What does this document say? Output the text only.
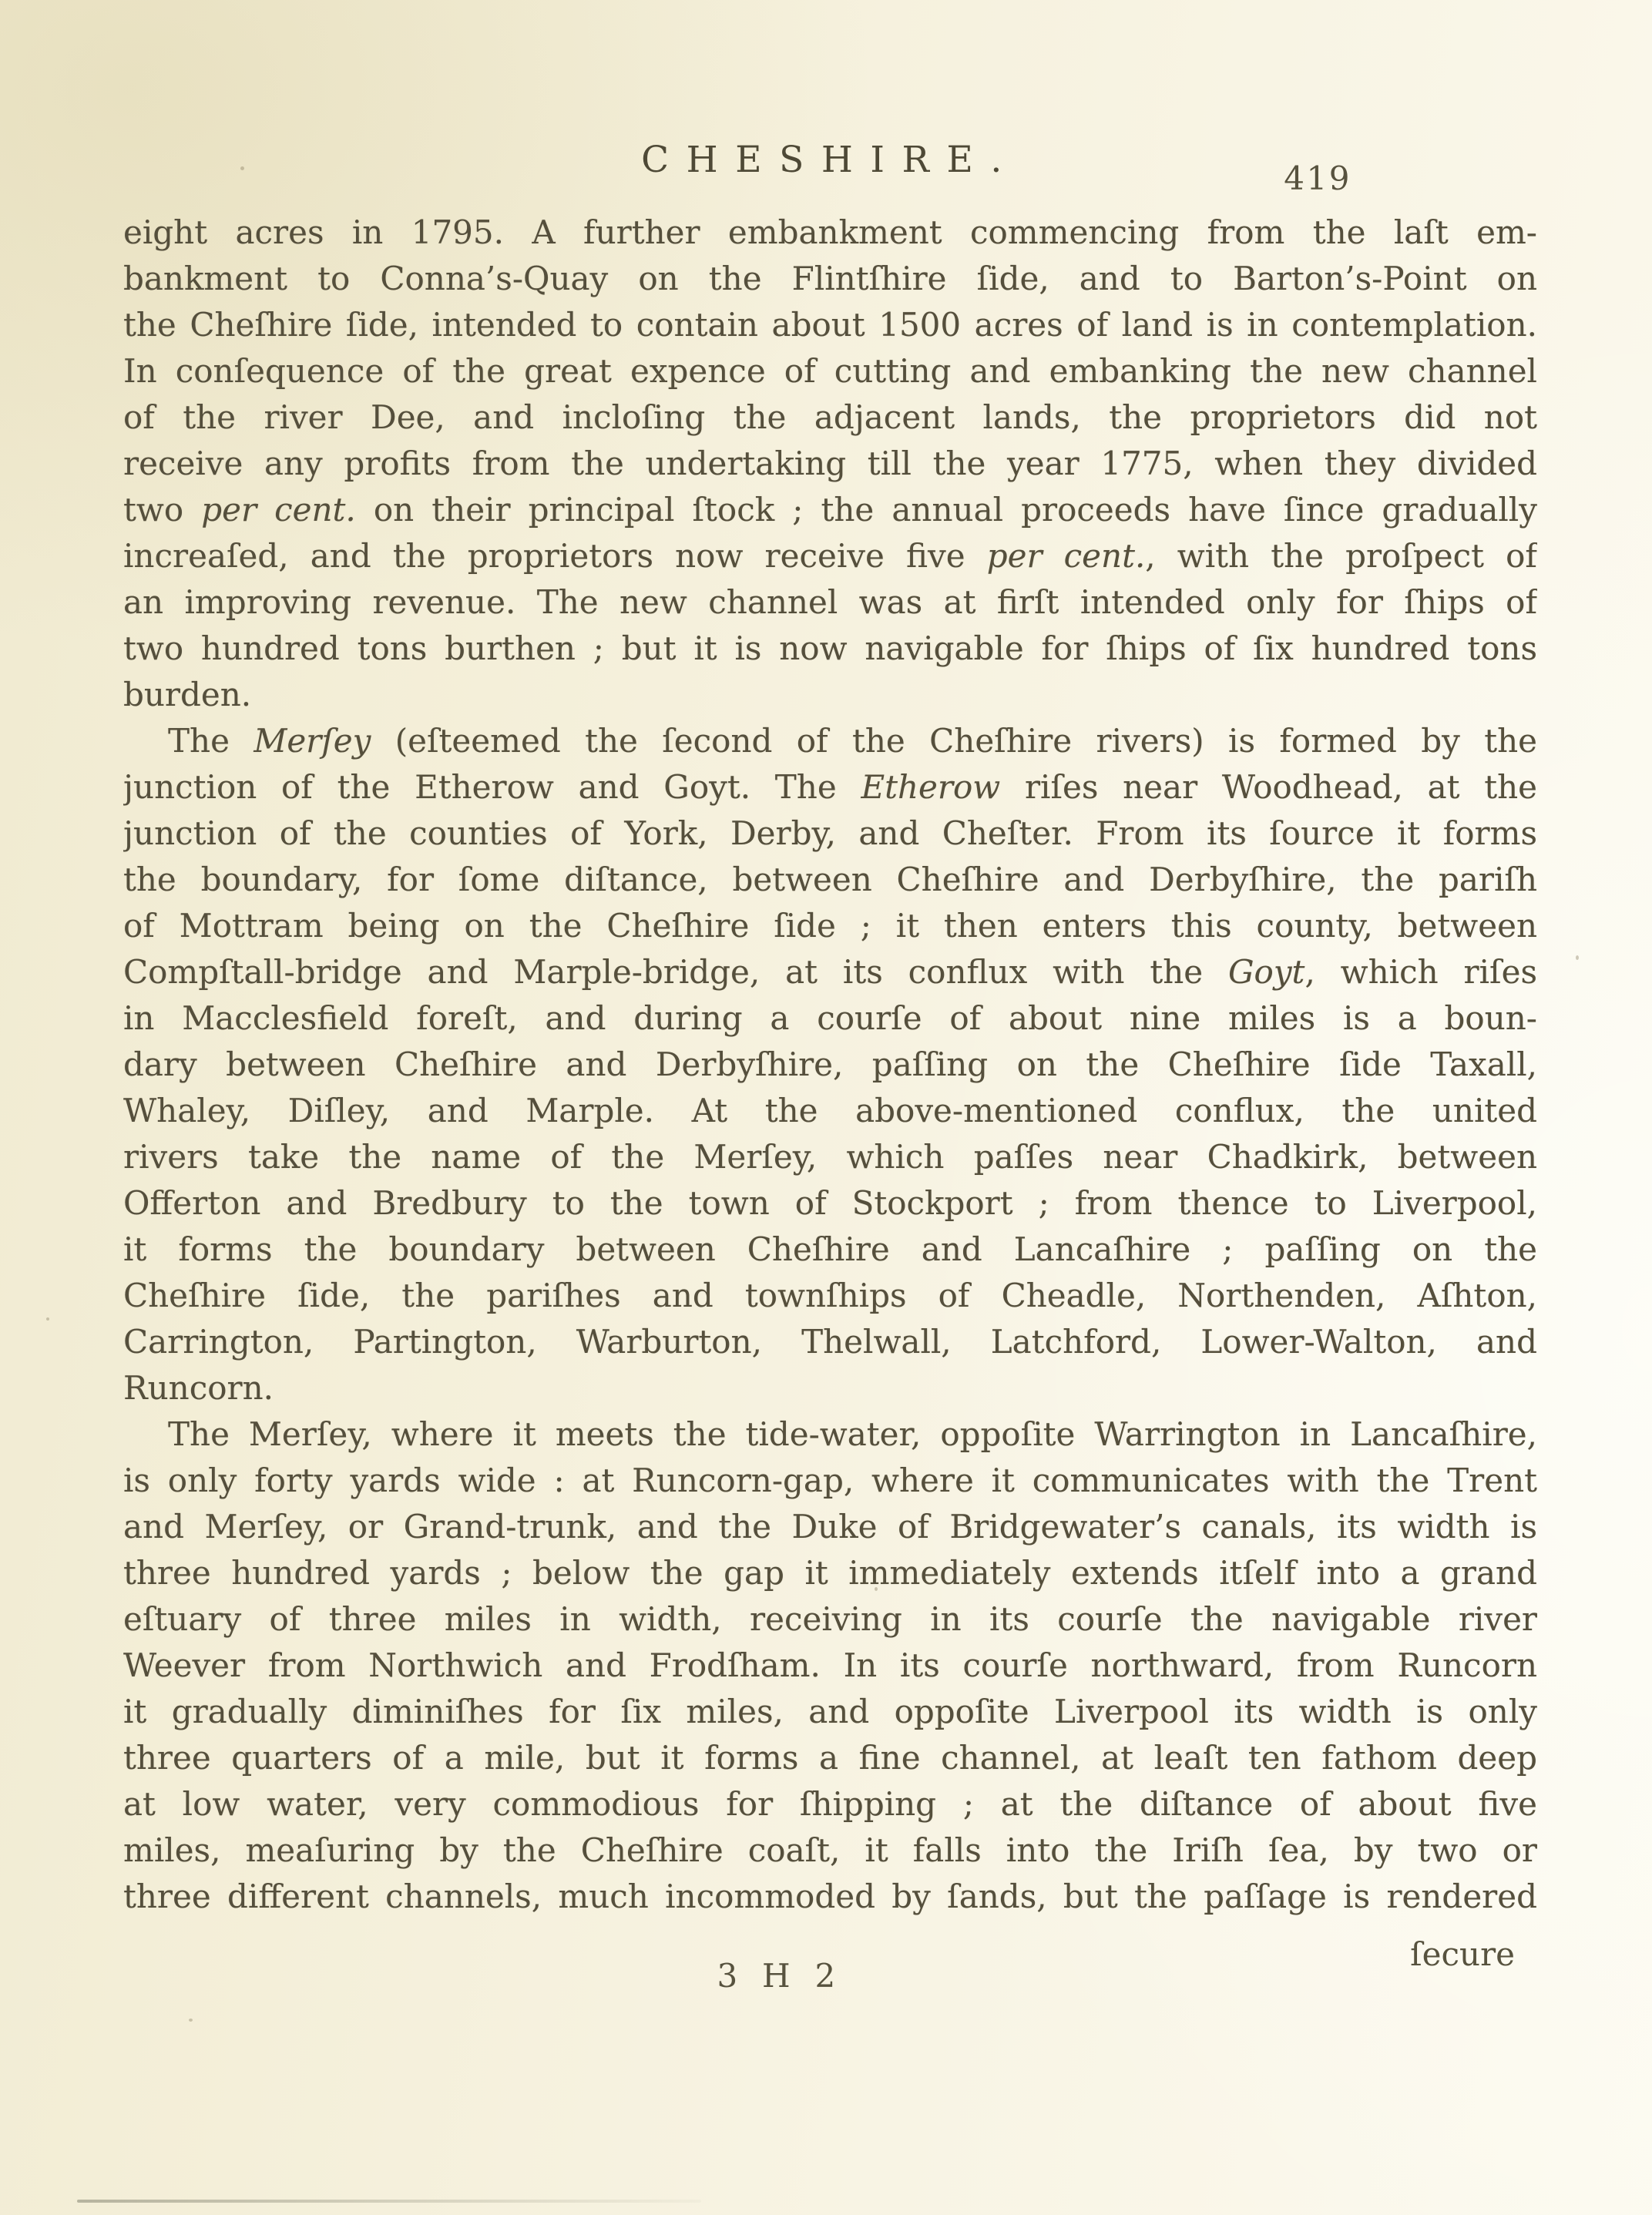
CHESHIRE.	419
eight acres in 1795. A further embankment commencing from the laſt em-
bankment to Conna’s-Quay on the Flintſhire ſide, and to Barton’s-Point on
the Cheſhire ſide, intended to contain about 1500 acres of land is in contemplation.
In conſequence of the great expence of cutting and embanking the new channel
of the river Dee, and incloſing the adjacent lands, the proprietors did not
receive any profits from the undertaking till the year 1775, when they divided
two per cent. on their principal ſtock ; the annual proceeds have ſince gradually
increaſed, and the proprietors now receive five per cent., with the proſpect of
an improving revenue. The new channel was at firſt intended only for ſhips of
two hundred tons burthen ; but it is now navigable for ſhips of ſix hundred tons
burden.
The Merſey (eſteemed the ſecond of the Cheſhire rivers) is formed by the
junction of the Etherow and Goyt. The Etherow riſes near Woodhead, at the
junction of the counties of York, Derby, and Cheſter. From its ſource it forms
the boundary, for ſome diſtance, between Cheſhire and Derbyſhire, the pariſh
of Mottram being on the Cheſhire ſide ; it then enters this county, between
Compſtall-bridge and Marple-bridge, at its conflux with the Goyt, which riſes
in Macclesfield foreſt, and during a courſe of about nine miles is a boun-
dary between Cheſhire and Derbyſhire, paſſing on the Cheſhire ſide Taxall,
Whaley, Diſley, and Marple. At the above-mentioned conflux, the united
rivers take the name of the Merſey, which paſſes near Chadkirk, between
Offerton and Bredbury to the town of Stockport ; from thence to Liverpool,
it forms the boundary between Cheſhire and Lancaſhire ; paſſing on the
Cheſhire ſide, the pariſhes and townſhips of Cheadle, Northenden, Aſhton,
Carrington, Partington, Warburton, Thelwall, Latchford, Lower-Walton, and
Runcorn.
The Merſey, where it meets the tide-water, oppoſite Warrington in Lancaſhire,
is only forty yards wide : at Runcorn-gap, where it communicates with the Trent
and Merſey, or Grand-trunk, and the Duke of Bridgewater’s canals, its width is
three hundred yards ; below the gap it immediately extends itſelf into a grand
eſtuary of three miles in width, receiving in its courſe the navigable river
Weever from Northwich and Frodſham. In its courſe northward, from Runcorn
it gradually diminiſhes for ſix miles, and oppoſite Liverpool its width is only
three quarters of a mile, but it forms a fine channel, at leaſt ten fathom deep
at low water, very commodious for ſhipping ; at the diſtance of about five
miles, meaſuring by the Cheſhire coaſt, it falls into the Iriſh ſea, by two or
three different channels, much incommoded by ſands, but the paſſage is rendered
3 H 2
ſecure
